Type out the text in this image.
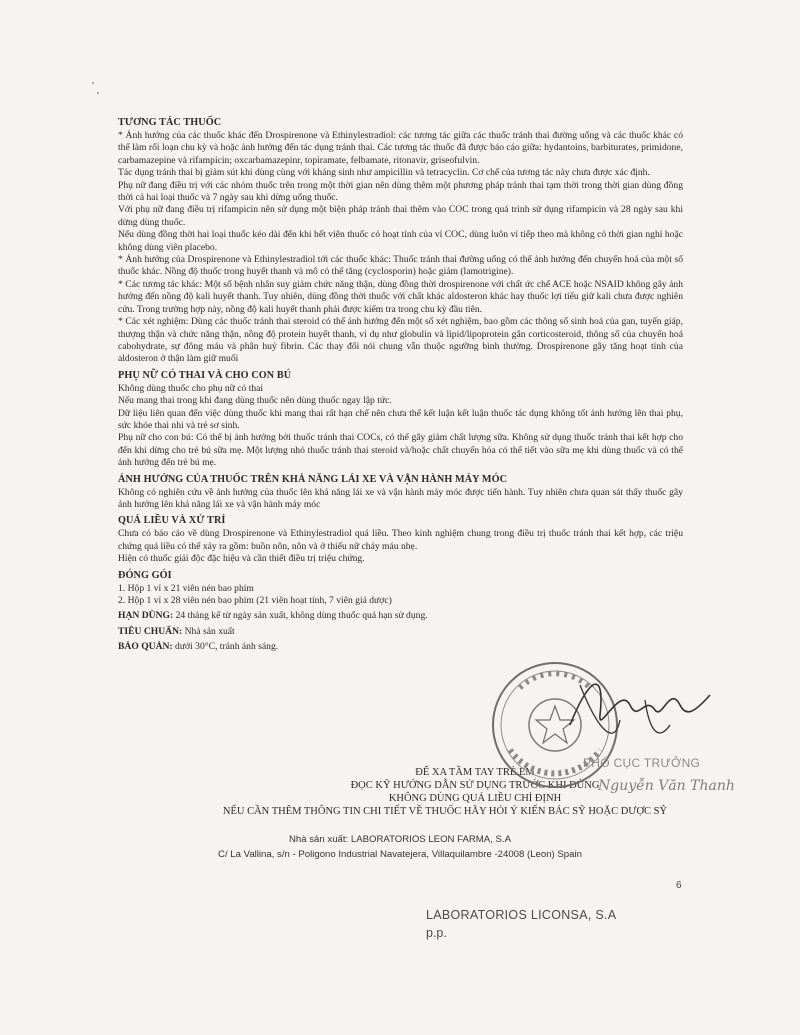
TƯƠNG TÁC THUỐC

* Ảnh hưởng của các thuốc khác đến Drospirenone và Ethinylestradiol: các tương tác giữa các thuốc tránh thai đường uống và các thuốc khác có thể làm rối loạn chu kỳ và hoặc ảnh hưởng đến tác dụng tránh thai. Các tương tác thuốc đã được báo cáo giữa: hydantoins, barbiturates, primidone, carbamazepine và rifampicin; oxcarbamazepinr, topiramate, felbamate, ritonavir, griseofulvin.

Tác dụng tránh thai bị giảm sút khi dùng cùng với kháng sinh như ampicillin và tetracyclin. Cơ chế của tương tác này chưa được xác định.

Phụ nữ đang điều trị với các nhóm thuốc trên trong một thời gian nên dùng thêm một phương pháp tránh thai tạm thời trong thời gian dùng đồng thời cả hai loại thuốc và 7 ngày sau khi dừng uống thuốc.

Với phụ nữ đang điều trị rifampicin nên sử dụng một biện pháp tránh thai thêm vào COC trong quá trình sử dụng rifampicin và 28 ngày sau khi dừng dùng thuốc.

Nếu dùng đồng thời hai loại thuốc kéo dài đến khi hết viên thuốc có hoạt tính của vỉ COC, dùng luôn vỉ tiếp theo mà không có thời gian nghỉ hoặc không dùng viên placebo.

* Ảnh hưởng của Drospirenone và Ethinylestradiol tới các thuốc khác: Thuốc tránh thai đường uống có thể ảnh hưởng đến chuyển hoá của một số thuốc khác. Nồng độ thuốc trong huyết thanh và mô có thể tăng (cyclosporin) hoặc giảm (lamotrigine).

* Các tương tác khác: Một số bệnh nhân suy giảm chức năng thận, dùng đồng thời drospirenone với chất ức chế ACE hoặc NSAID không gây ảnh hưởng đến nồng độ kali huyết thanh. Tuy nhiên, dùng đồng thời thuốc với chất khác aldosteron khác hay thuốc lợi tiểu giữ kali chưa được nghiên cứu. Trong trường hợp này, nồng độ kali huyết thanh phải được kiểm tra trong chu kỳ đầu tiên.

* Các xét nghiệm: Dùng các thuốc tránh thai steroid có thể ảnh hưởng đến một số xét nghiệm, bao gồm các thông số sinh hoá của gan, tuyến giáp, thượng thận và chức năng thận, nồng độ protein huyết thanh, ví dụ như globulin và lipid/lipoprotein gắn corticosteroid, thông số của chuyển hoá cabohydrate, sự đông máu và phân huỷ fibrin. Các thay đổi nói chung vẫn thuộc ngưỡng bình thường. Drospirenone gây tăng hoạt tính của aldosteron ở thận làm giữ muối

PHỤ NỮ CÓ THAI VÀ CHO CON BÚ

Không dùng thuốc cho phụ nữ có thai

Nếu mang thai trong khi đang dùng thuốc nên dùng thuốc ngay lập tức.

Dữ liệu liên quan đến việc dùng thuốc khi mang thai rất hạn chế nên chưa thể kết luận kết luận thuốc tác dụng không tốt ảnh hưởng lên thai phụ, sức khỏe thai nhi và trẻ sơ sinh.

Phụ nữ cho con bú: Có thể bị ảnh hưởng bởi thuốc tránh thai COCs, có thể gây giảm chất lượng sữa. Không sử dụng thuốc tránh thai kết hợp cho đến khi dừng cho trẻ bú sữa mẹ. Một lượng nhỏ thuốc tránh thai steroid và/hoặc chất chuyển hóa có thể tiết vào sữa mẹ khi dùng thuốc và có thể ảnh hưởng đến trẻ bú mẹ.

ẢNH HƯỞNG CỦA THUỐC TRÊN KHẢ NĂNG LÁI XE VÀ VẬN HÀNH MÁY MÓC

Không có nghiên cứu về ảnh hưởng của thuốc lên khả năng lái xe và vận hành máy móc được tiến hành. Tuy nhiên chưa quan sát thấy thuốc gây ảnh hưởng lên khả năng lái xe và vận hành máy móc

QUÁ LIỀU VÀ XỬ TRÍ

Chưa có báo cáo về dùng Drospirenone và Ethinylestradiol quá liều. Theo kinh nghiệm chung trong điều trị thuốc tránh thai kết hợp, các triệu chứng quá liều có thể xảy ra gồm: buồn nôn, nôn và ở thiếu nữ chảy máu nhẹ.

Hiện có thuốc giải độc đặc hiệu và cần thiết điều trị triệu chứng.

ĐÓNG GÓI

1. Hộp 1 vỉ x 21 viên nén bao phim

2. Hộp 1 vỉ x 28 viên nén bao phim (21 viên hoạt tính, 7 viên giả dược)

HẠN DÙNG: 24 tháng kể từ ngày sản xuất, không dùng thuốc quá hạn sử dụng.

TIÊU CHUẨN: Nhà sản xuất

BẢO QUẢN: dưới 30°C, tránh ánh sáng.

ĐỂ XA TẦM TAY TRẺ EM
ĐỌC KỸ HƯỚNG DẪN SỬ DỤNG TRƯỚC KHI DÙNG
KHÔNG DÙNG QUÁ LIỀU CHỈ ĐỊNH
NẾU CẦN THÊM THÔNG TIN CHI TIẾT VỀ THUỐC HÃY HỎI Ý KIẾN BÁC SỸ HOẶC DƯỢC SỸ
Nhà sản xuất: LABORATORIOS LEON FARMA, S.A
C/ La Vallina, s/n - Poligono Industrial Navatejera, Villaquilambre -24008 (Leon) Spain
6
LABORATORIOS LICONSA, S.A
p.p.
PHÓ CỤC TRƯỞNG
Nguyễn Văn Thanh
